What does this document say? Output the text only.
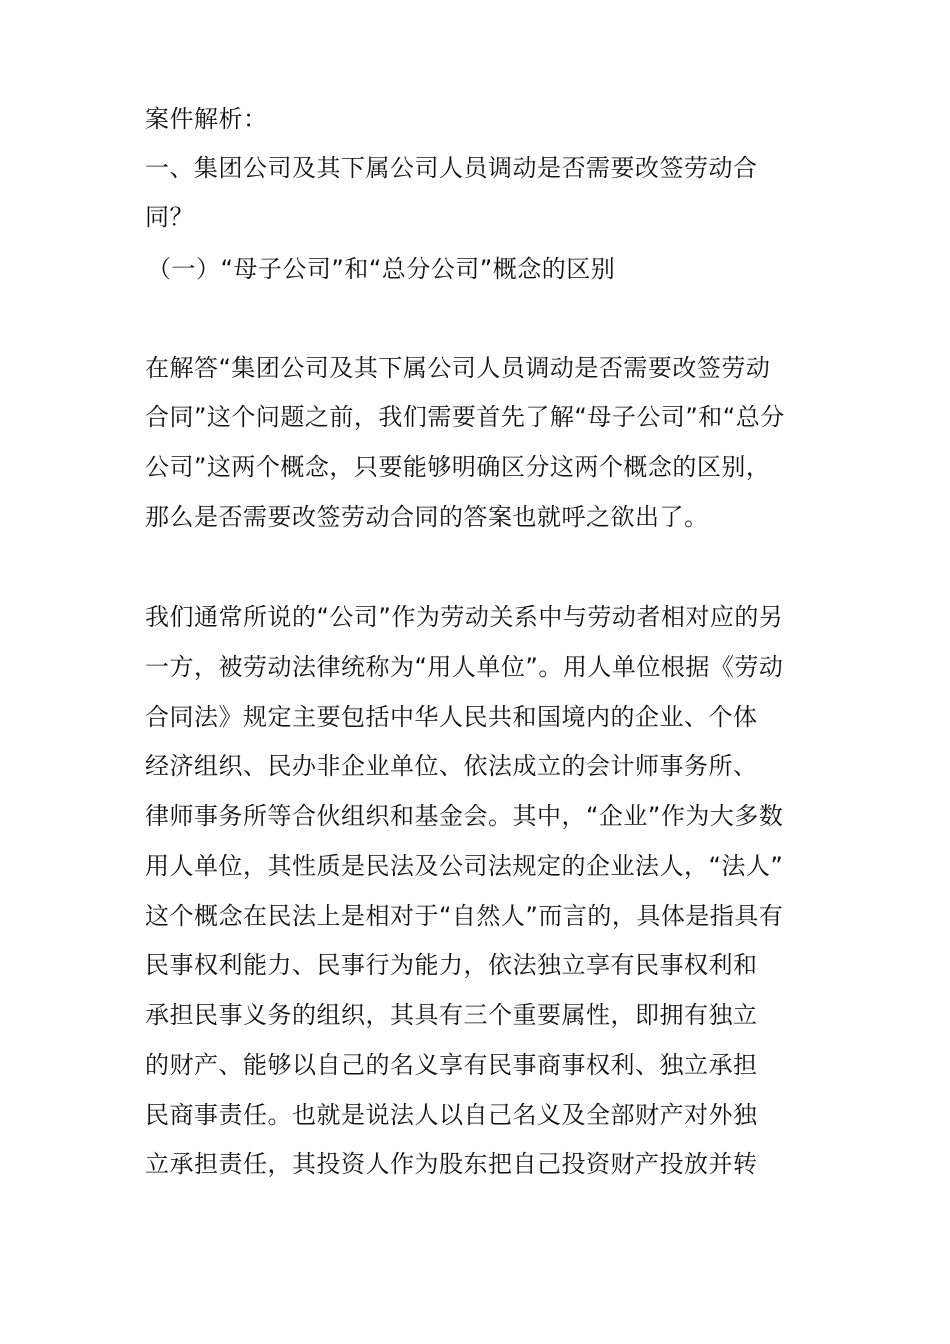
案件解析：
一、集团公司及其下属公司人员调动是否需要改签劳动合
同？
（一）“母子公司”和“总分公司”概念的区别
在解答“集团公司及其下属公司人员调动是否需要改签劳动
合同”这个问题之前，我们需要首先了解“母子公司”和“总分
公司”这两个概念，只要能够明确区分这两个概念的区别，
那么是否需要改签劳动合同的答案也就呼之欲出了。
我们通常所说的“公司”作为劳动关系中与劳动者相对应的另
一方，被劳动法律统称为“用人单位”。用人单位根据《劳动
合同法》规定主要包括中华人民共和国境内的企业、个体
经济组织、民办非企业单位、依法成立的会计师事务所、
律师事务所等合伙组织和基金会。其中，“企业”作为大多数
用人单位，其性质是民法及公司法规定的企业法人，“法人”
这个概念在民法上是相对于“自然人”而言的，具体是指具有
民事权利能力、民事行为能力，依法独立享有民事权利和
承担民事义务的组织，其具有三个重要属性，即拥有独立
的财产、能够以自己的名义享有民事商事权利、独立承担
民商事责任。也就是说法人以自己名义及全部财产对外独
立承担责任，其投资人作为股东把自己投资财产投放并转
